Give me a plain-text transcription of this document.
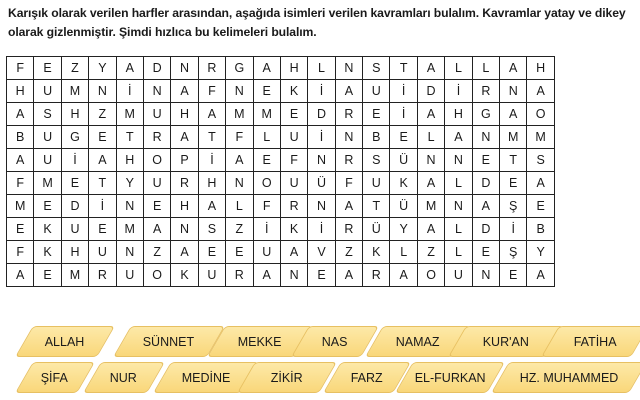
Karışık olarak verilen harfler arasından, aşağıda isimleri verilen kavramları bulalım. Kavramlar yatay ve dikey olarak gizlenmiştir. Şimdi hızlıca bu kelimeleri bulalım.

F	E	Z	Y	A	D	N	R	G	A	H	L	N	S	T	A	L	L	A	H
H	U	M	N	İ	N	A	F	N	E	K	İ	A	U	İ	D	İ	R	N	A
A	S	H	Z	M	U	H	A	M	M	E	D	R	E	İ	A	H	G	A	O
B	U	G	E	T	R	A	T	F	L	U	İ	N	B	E	L	A	N	M	M
A	U	İ	A	H	O	P	İ	A	E	F	N	R	S	Ü	N	N	E	T	S
F	M	E	T	Y	U	R	H	N	O	U	Ü	F	U	K	A	L	D	E	A
M	E	D	İ	N	E	H	A	L	F	R	N	A	T	Ü	M	N	A	Ş	E
E	K	U	E	M	A	N	S	Z	İ	K	İ	R	Ü	Y	A	L	D	İ	B
F	K	H	U	N	Z	A	E	E	U	A	V	Z	K	L	Z	L	E	Ş	Y
A	E	M	R	U	O	K	U	R	A	N	E	A	R	A	O	U	N	E	A
ALLAH	SÜNNET	MEKKE	NAS	NAMAZ	KUR'AN	FATİHA
ŞİFA	NUR	MEDİNE	ZİKİR	FARZ	EL-FURKAN	HZ. MUHAMMED
